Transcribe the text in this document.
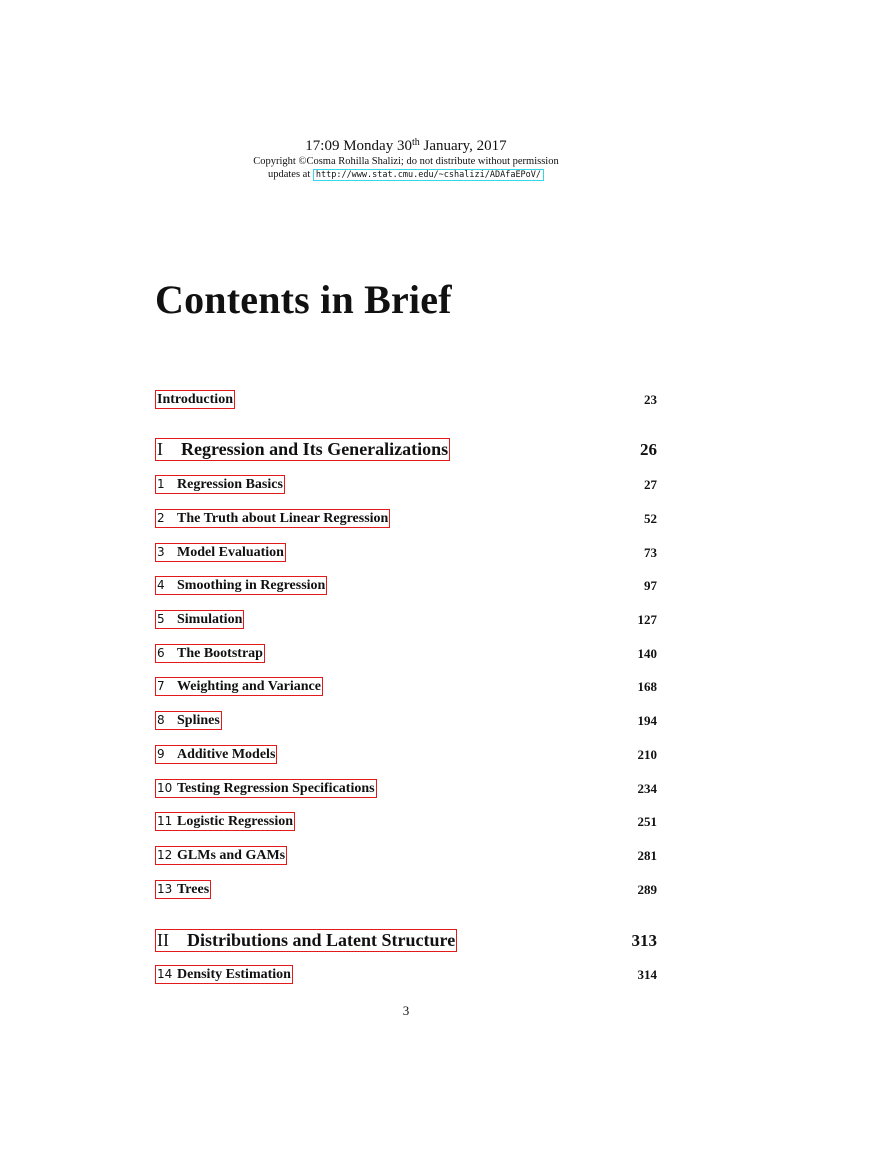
17:09 Monday 30th January, 2017
Copyright ©Cosma Rohilla Shalizi; do not distribute without permission
updates at http://www.stat.cmu.edu/~cshalizi/ADAfaEPoV/
Contents in Brief
Introduction	23
I Regression and Its Generalizations	26
1 Regression Basics	27
2 The Truth about Linear Regression	52
3 Model Evaluation	73
4 Smoothing in Regression	97
5 Simulation	127
6 The Bootstrap	140
7 Weighting and Variance	168
8 Splines	194
9 Additive Models	210
10 Testing Regression Specifications	234
11 Logistic Regression	251
12 GLMs and GAMs	281
13 Trees	289
II Distributions and Latent Structure	313
14 Density Estimation	314
3
